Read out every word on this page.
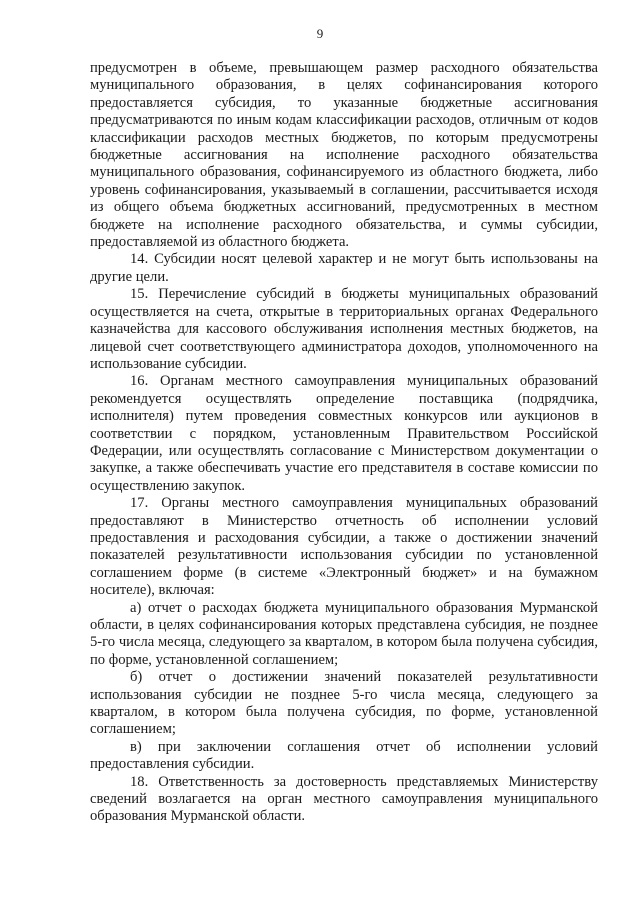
9

предусмотрен в объеме, превышающем размер расходного обязательства муниципального образования, в целях софинансирования которого предоставляется субсидия, то указанные бюджетные ассигнования предусматриваются по иным кодам классификации расходов, отличным от кодов классификации расходов местных бюджетов, по которым предусмотрены бюджетные ассигнования на исполнение расходного обязательства муниципального образования, софинансируемого из областного бюджета, либо уровень софинансирования, указываемый в соглашении, рассчитывается исходя из общего объема бюджетных ассигнований, предусмотренных в местном бюджете на исполнение расходного обязательства, и суммы субсидии, предоставляемой из областного бюджета.

14. Субсидии носят целевой характер и не могут быть использованы на другие цели.

15. Перечисление субсидий в бюджеты муниципальных образований осуществляется на счета, открытые в территориальных органах Федерального казначейства для кассового обслуживания исполнения местных бюджетов, на лицевой счет соответствующего администратора доходов, уполномоченного на использование субсидии.

16. Органам местного самоуправления муниципальных образований рекомендуется осуществлять определение поставщика (подрядчика, исполнителя) путем проведения совместных конкурсов или аукционов в соответствии с порядком, установленным Правительством Российской Федерации, или осуществлять согласование с Министерством документации о закупке, а также обеспечивать участие его представителя в составе комиссии по осуществлению закупок.

17. Органы местного самоуправления муниципальных образований предоставляют в Министерство отчетность об исполнении условий предоставления и расходования субсидии, а также о достижении значений показателей результативности использования субсидии по установленной соглашением форме (в системе «Электронный бюджет» и на бумажном носителе), включая:

а) отчет о расходах бюджета муниципального образования Мурманской области, в целях софинансирования которых представлена субсидия, не позднее 5-го числа месяца, следующего за кварталом, в котором была получена субсидия, по форме, установленной соглашением;

б) отчет о достижении значений показателей результативности использования субсидии не позднее 5-го числа месяца, следующего за кварталом, в котором была получена субсидия, по форме, установленной соглашением;

в) при заключении соглашения отчет об исполнении условий предоставления субсидии.

18. Ответственность за достоверность представляемых Министерству сведений возлагается на орган местного самоуправления муниципального образования Мурманской области.
